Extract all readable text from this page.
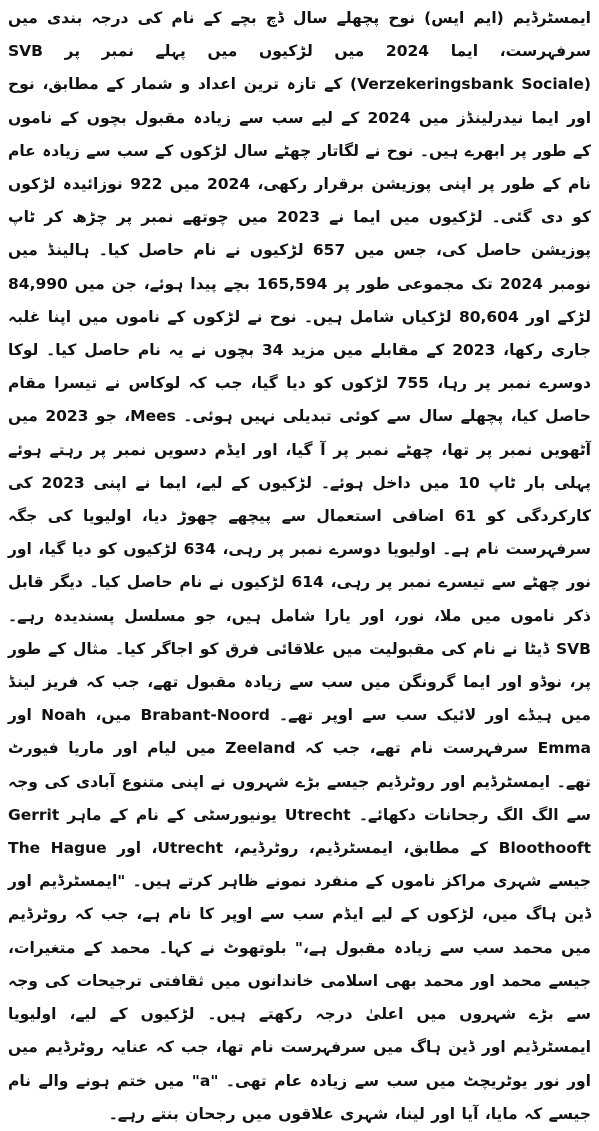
ایمسٹرڈیم (ایم ایس) نوح پچھلے سال ڈچ بچے کے نام کی درجہ بندی میں سرفہرست، ایما 2024 میں لڑکیوں میں پہلے نمبر پر SVB (Verzekeringsbank Sociale) کے تازہ ترین اعداد و شمار کے مطابق، نوح اور ایما نیدرلینڈز میں 2024 کے لیے سب سے زیادہ مقبول بچوں کے ناموں کے طور پر ابھرے ہیں۔ نوح نے لگاتار چھٹے سال لڑکوں کے سب سے زیادہ عام نام کے طور پر اپنی پوزیشن برقرار رکھی، 2024 میں 922 نوزائیدہ لڑکوں کو دی گئی۔ لڑکیوں میں ایما نے 2023 میں چوتھے نمبر پر چڑھ کر ٹاپ پوزیشن حاصل کی، جس میں 657 لڑکیوں نے نام حاصل کیا۔ ہالینڈ میں نومبر 2024 تک مجموعی طور پر 165,594 بچے پیدا ہوئے، جن میں 84,990 لڑکے اور 80,604 لڑکیاں شامل ہیں۔ نوح نے لڑکوں کے ناموں میں اپنا غلبہ جاری رکھا، 2023 کے مقابلے میں مزید 34 بچوں نے یہ نام حاصل کیا۔ لوکا دوسرے نمبر پر رہا، 755 لڑکوں کو دیا گیا، جب کہ لوکاس نے تیسرا مقام حاصل کیا، پچھلے سال سے کوئی تبدیلی نہیں ہوئی۔ Mees، جو 2023 میں آٹھویں نمبر پر تھا، چھٹے نمبر پر آ گیا، اور ایڈم دسویں نمبر پر رہتے ہوئے پہلی بار ٹاپ 10 میں داخل ہوئے۔ لڑکیوں کے لیے، ایما نے اپنی 2023 کی کارکردگی کو 61 اضافی استعمال سے پیچھے چھوڑ دیا، اولیویا کی جگہ سرفہرست نام ہے۔ اولیویا دوسرے نمبر پر رہی، 634 لڑکیوں کو دیا گیا، اور نور چھٹے سے تیسرے نمبر پر رہی، 614 لڑکیوں نے نام حاصل کیا۔ دیگر قابل ذکر ناموں میں ملا، نور، اور یارا شامل ہیں، جو مسلسل پسندیدہ رہے۔ SVB ڈیٹا نے نام کی مقبولیت میں علاقائی فرق کو اجاگر کیا۔ مثال کے طور پر، نوڈو اور ایما گرونگن میں سب سے زیادہ مقبول تھے، جب کہ فریز لینڈ میں ہیڈے اور لائیک سب سے اوپر تھے۔ Brabant-Noord میں، Noah اور Emma سرفہرست نام تھے، جب کہ Zeeland میں لیام اور ماریا فیورٹ تھے۔ ایمسٹرڈیم اور روٹرڈیم جیسے بڑے شہروں نے اپنی متنوع آبادی کی وجہ سے الگ الگ رجحانات دکھائے۔ Utrecht یونیورسٹی کے نام کے ماہر Gerrit Bloothooft کے مطابق، ایمسٹرڈیم، روٹرڈیم، Utrecht، اور The Hague جیسے شہری مراکز ناموں کے منفرد نمونے ظاہر کرتے ہیں۔ "ایمسٹرڈیم اور ڈین ہاگ میں، لڑکوں کے لیے ایڈم سب سے اوپر کا نام ہے، جب کہ روٹرڈیم میں محمد سب سے زیادہ مقبول ہے،" بلوتھوٹ نے کہا۔ محمد کے متغیرات، جیسے محمد اور محمد بھی اسلامی خاندانوں میں ثقافتی ترجیحات کی وجہ سے بڑے شہروں میں اعلیٰ درجہ رکھتے ہیں۔ لڑکیوں کے لیے، اولیویا ایمسٹرڈیم اور ڈین ہاگ میں سرفہرست نام تھا، جب کہ عنایہ روٹرڈیم میں اور نور یوٹریچٹ میں سب سے زیادہ عام تھی۔ "a" میں ختم ہونے والے نام جیسے کہ مایا، آیا اور لینا، شہری علاقوں میں رجحان بنتے رہے۔
